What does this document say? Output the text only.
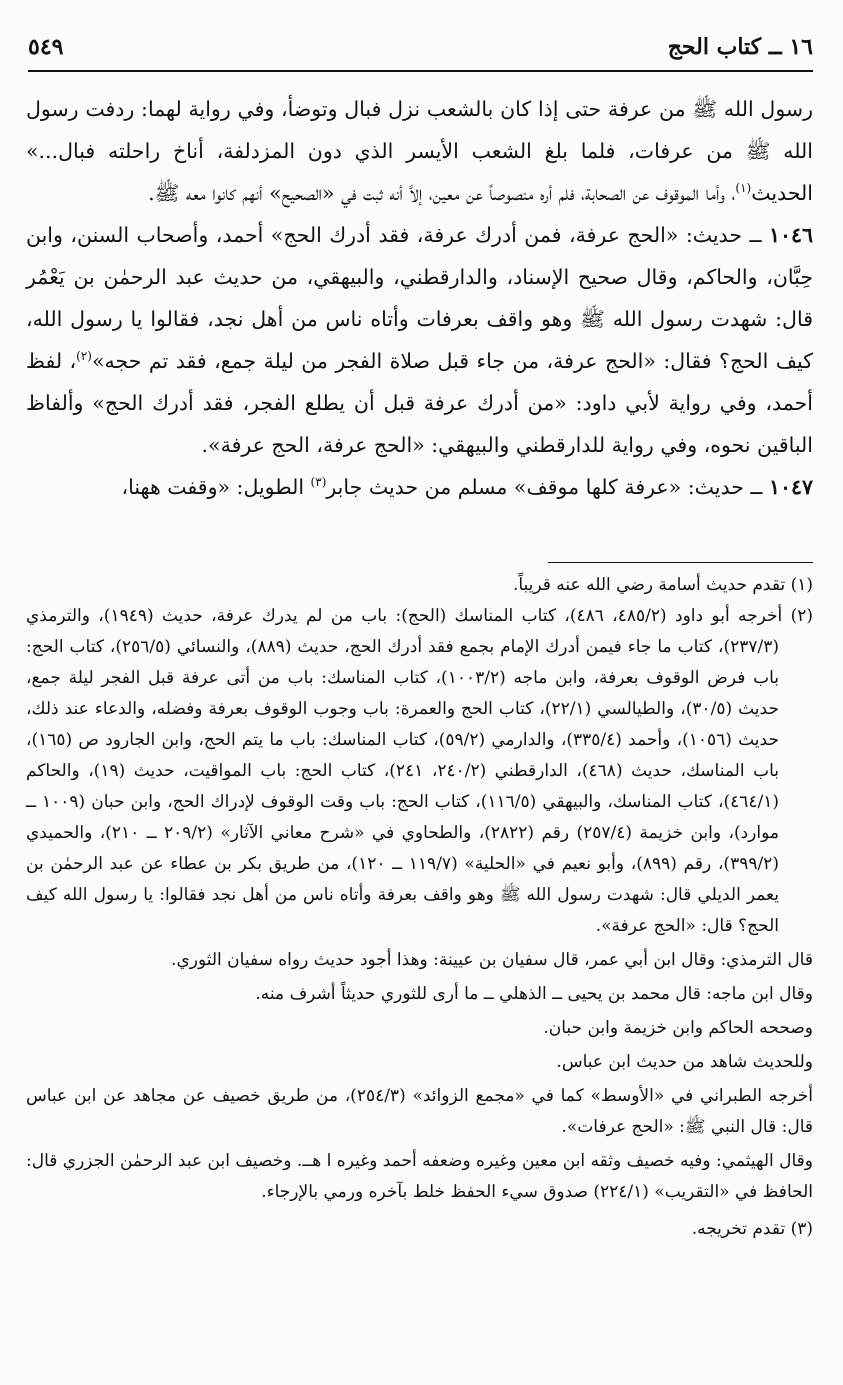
١٦ ــ كتاب الحج
٥٤٩

رسول الله ﷺ من عرفة حتى إذا كان بالشعب نزل فبال وتوضأ، وفي رواية لهما: ردفت رسول الله ﷺ من عرفات، فلما بلغ الشعب الأيسر الذي دون المزدلفة، أناخ راحلته فبال...» الحديث$^{(١)}$، وأما الموقوف عن الصحابة، فلم أره منصوصاً عن معين، إلاَّ أنه ثبت في «الصحيح» أنهم كانوا معه ﷺ.

١٠٤٦ ــ حديث: «الحج عرفة، فمن أدرك عرفة، فقد أدرك الحج» أحمد، وأصحاب السنن، وابن حِبَّان، والحاكم، وقال صحيح الإسناد، والدارقطني، والبيهقي، من حديث عبد الرحمٰن بن يَعْمُر قال: شهدت رسول الله ﷺ وهو واقف بعرفات وأتاه ناس من أهل نجد، فقالوا يا رسول الله، كيف الحج؟ فقال: «الحج عرفة، من جاء قبل صلاة الفجر من ليلة جمع، فقد تم حجه»$^{(٢)}$، لفظ أحمد، وفي رواية لأبي داود: «من أدرك عرفة قبل أن يطلع الفجر، فقد أدرك الحج» وألفاظ الباقين نحوه، وفي رواية للدارقطني والبيهقي: «الحج عرفة، الحج عرفة».

١٠٤٧ ــ حديث: «عرفة كلها موقف» مسلم من حديث جابر$^{(٣)}$ الطويل: «وقفت ههنا،

(١) تقدم حديث أسامة رضي الله عنه قريباً.

(٢) أخرجه أبو داود (٤٨٥/٢، ٤٨٦)، كتاب المناسك (الحج): باب من لم يدرك عرفة، حديث (١٩٤٩)، والترمذي (٢٣٧/٣)، كتاب ما جاء فيمن أدرك الإمام بجمع فقد أدرك الحج، حديث (٨٨٩)، والنسائي (٢٥٦/٥)، كتاب الحج: باب فرض الوقوف بعرفة، وابن ماجه (١٠٠٣/٢)، كتاب المناسك: باب من أتى عرفة قبل الفجر ليلة جمع، حديث (٣٠/٥)، والطيالسي (٢٢/١)، كتاب الحج والعمرة: باب وجوب الوقوف بعرفة وفضله، والدعاء عند ذلك، حديث (١٠٥٦)، وأحمد (٣٣٥/٤)، والدارمي (٥٩/٢)، كتاب المناسك: باب ما يتم الحج، وابن الجارود ص (١٦٥)، باب المناسك، حديث (٤٦٨)، الدارقطني (٢٤٠/٢، ٢٤١)، كتاب الحج: باب المواقيت، حديث (١٩)، والحاكم (٤٦٤/١)، كتاب المناسك، والبيهقي (١١٦/٥)، كتاب الحج: باب وقت الوقوف لإدراك الحج، وابن حبان (١٠٠٩ ــ موارد)، وابن خزيمة (٢٥٧/٤) رقم (٢٨٢٢)، والطحاوي في «شرح معاني الآثار» (٢٠٩/٢ ــ ٢١٠)، والحميدي (٣٩٩/٢)، رقم (٨٩٩)، وأبو نعيم في «الحلية» (١١٩/٧ ــ ١٢٠)، من طريق بكر بن عطاء عن عبد الرحمٰن بن يعمر الديلي قال: شهدت رسول الله ﷺ وهو واقف بعرفة وأتاه ناس من أهل نجد فقالوا: يا رسول الله كيف الحج؟ قال: «الحج عرفة».

قال الترمذي: وقال ابن أبي عمر، قال سفيان بن عيينة: وهذا أجود حديث رواه سفيان الثوري.

وقال ابن ماجه: قال محمد بن يحيى ــ الذهلي ــ ما أرى للثوري حديثاً أشرف منه.

وصححه الحاكم وابن خزيمة وابن حبان.

وللحديث شاهد من حديث ابن عباس.

أخرجه الطبراني في «الأوسط» كما في «مجمع الزوائد» (٢٥٤/٣)، من طريق خصيف عن مجاهد عن ابن عباس قال: قال النبي ﷺ: «الحج عرفات».

وقال الهيثمي: وفيه خصيف وثقه ابن معين وغيره وضعفه أحمد وغيره ا هــ. وخصيف ابن عبد الرحمٰن الجزري قال: الحافظ في «التقريب» (٢٢٤/١) صدوق سيء الحفظ خلط بآخره ورمي بالإرجاء.

(٣) تقدم تخريجه.
